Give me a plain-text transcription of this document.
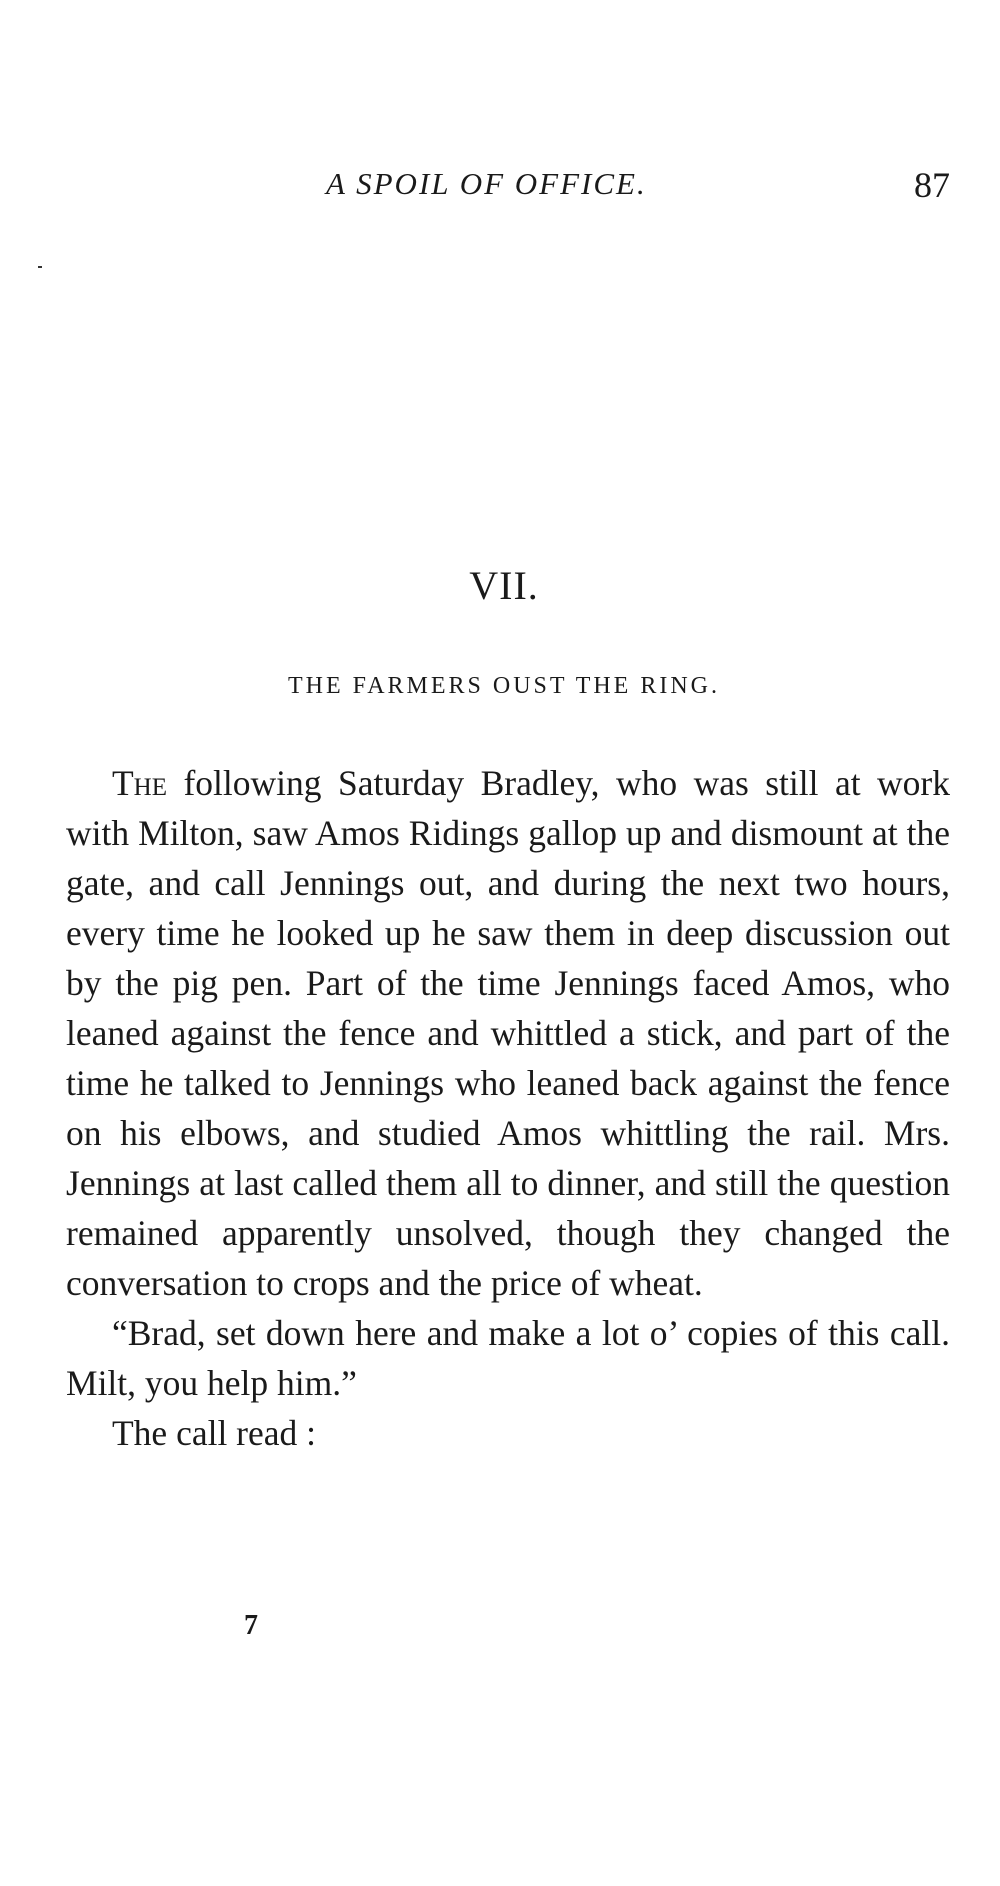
A SPOIL OF OFFICE.	87
VII.
THE FARMERS OUST THE RING.

The following Saturday Bradley, who was still at work with Milton, saw Amos Ridings gallop up and dismount at the gate, and call Jennings out, and during the next two hours, every time he looked up he saw them in deep discussion out by the pig pen. Part of the time Jennings faced Amos, who leaned against the fence and whittled a stick, and part of the time he talked to Jennings who leaned back against the fence on his elbows, and studied Amos whittling the rail. Mrs. Jennings at last called them all to dinner, and still the question remained apparently unsolved, though they changed the conversation to crops and the price of wheat.

“Brad, set down here and make a lot o’ copies of this call. Milt, you help him.”

The call read :

7
